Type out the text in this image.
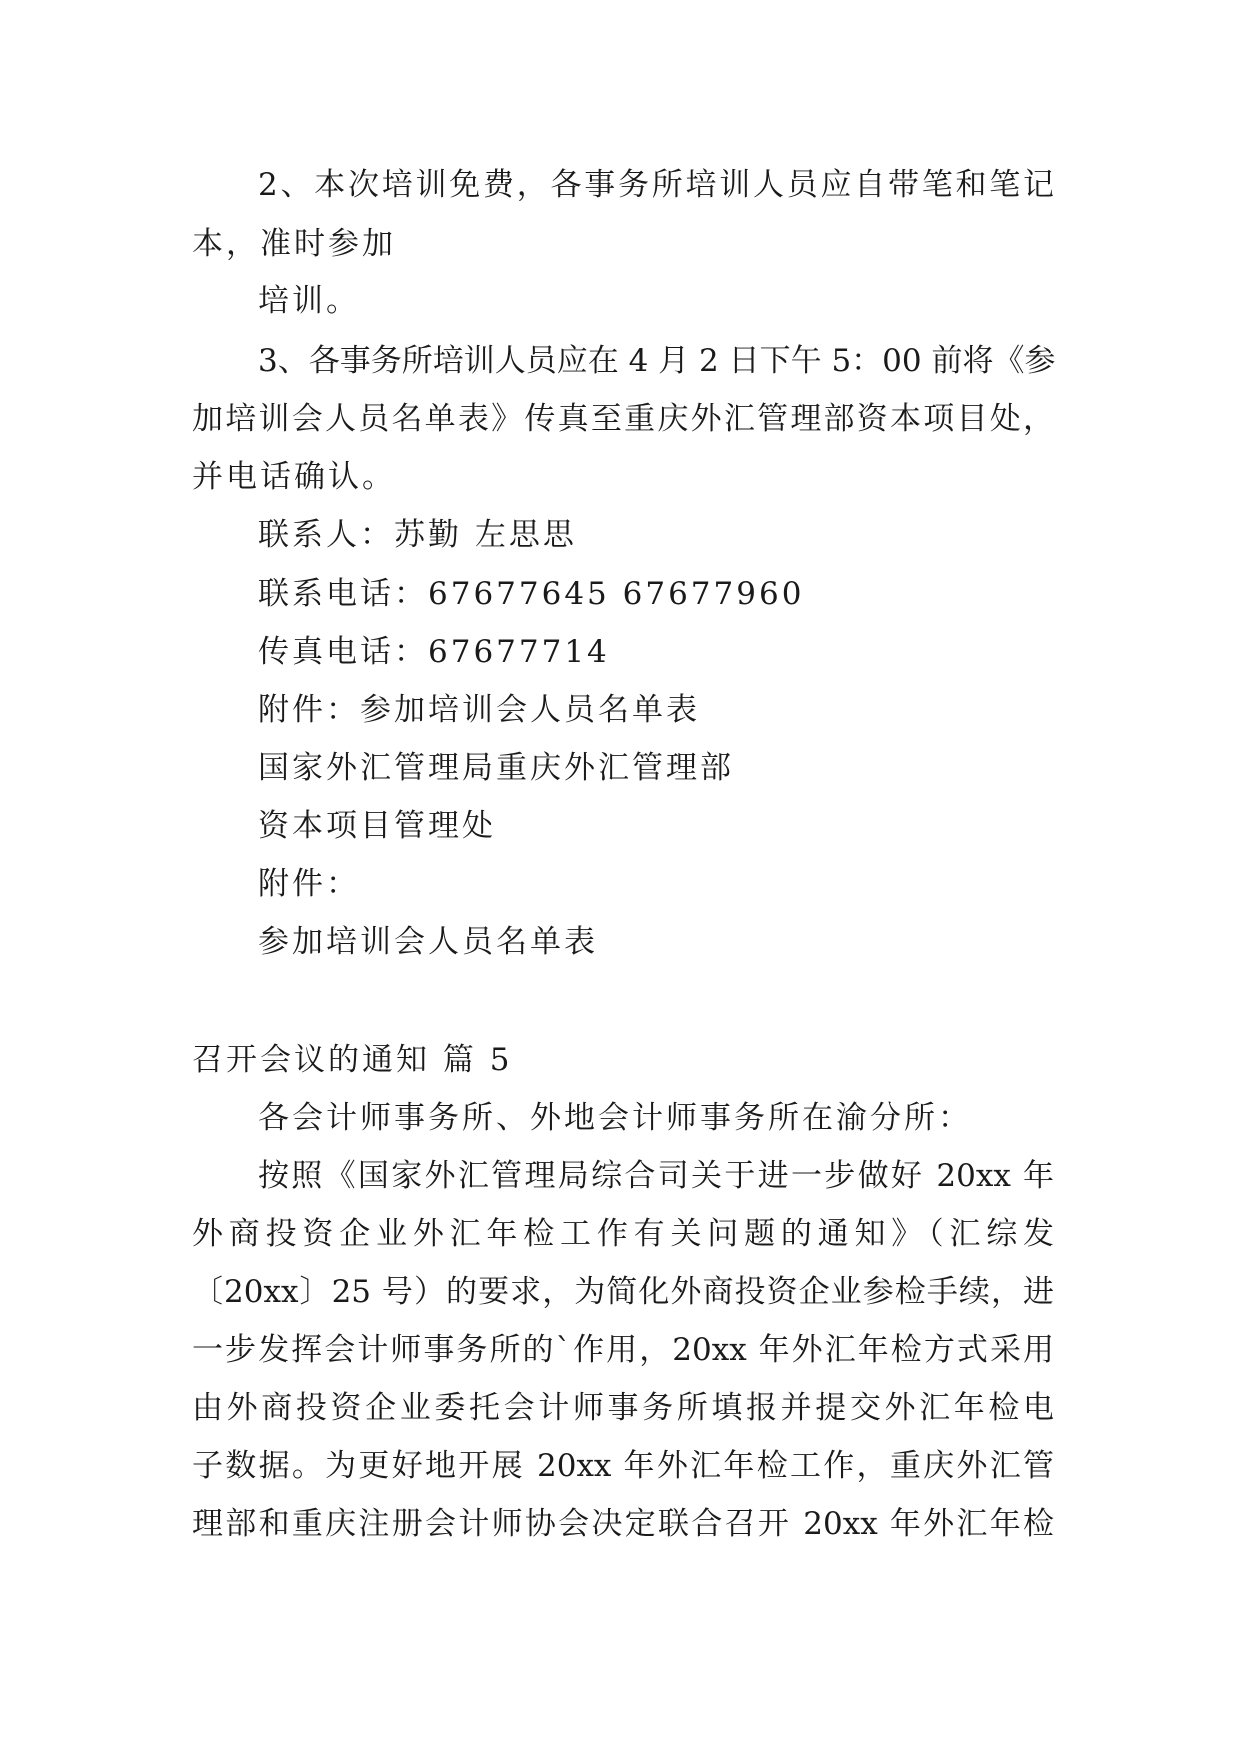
2、本次培训免费，各事务所培训人员应自带笔和笔记
本，准时参加
培训。
3、各事务所培训人员应在 4 月 2 日下午 5：00 前将《参
加培训会人员名单表》传真至重庆外汇管理部资本项目处，
并电话确认。
联系人：苏勤 左思思
联系电话：67677645 67677960
传真电话：67677714
附件：参加培训会人员名单表
国家外汇管理局重庆外汇管理部
资本项目管理处
附件：
参加培训会人员名单表
召开会议的通知 篇 5
各会计师事务所、外地会计师事务所在渝分所：
按照《国家外汇管理局综合司关于进一步做好 20xx 年
外商投资企业外汇年检工作有关问题的通知》（汇综发
〔20xx〕25 号）的要求，为简化外商投资企业参检手续，进
一步发挥会计师事务所的`作用，20xx 年外汇年检方式采用
由外商投资企业委托会计师事务所填报并提交外汇年检电
子数据。为更好地开展 20xx 年外汇年检工作，重庆外汇管
理部和重庆注册会计师协会决定联合召开 20xx 年外汇年检
